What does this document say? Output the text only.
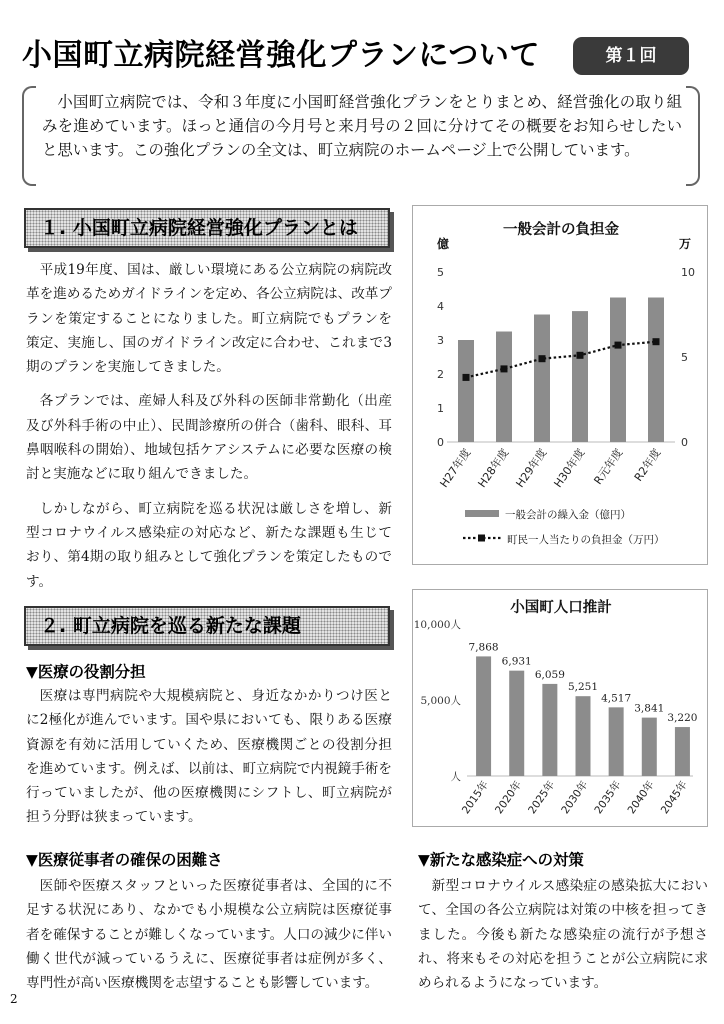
小国町立病院経営強化プランについて	第１回
小国町立病院では、令和３年度に小国町経営強化プランをとりまとめ、経営強化の取り組みを進めています。ほっと通信の今月号と来月号の２回に分けてその概要をお知らせしたいと思います。この強化プランの全文は、町立病院のホームページ上で公開しています。
１. 小国町立病院経営強化プランとは

平成19年度、国は、厳しい環境にある公立病院の病院改革を進めるためガイドラインを定め、各公立病院は、改革プランを策定することになりました。町立病院でもプランを策定、実施し、国のガイドライン改定に合わせ、これまで3期のプランを実施してきました。

各プランでは、産婦人科及び外科の医師非常勤化（出産及び外科手術の中止）、民間診療所の併合（歯科、眼科、耳鼻咽喉科の開始）、地域包括ケアシステムに必要な医療の検討と実施などに取り組んできました。

しかしながら、町立病院を巡る状況は厳しさを増し、新型コロナウイルス感染症の対応など、新たな課題も生じており、第4期の取り組みとして強化プランを策定したものです。

２. 町立病院を巡る新たな課題
▼医療の役割分担

医療は専門病院や大規模病院と、身近なかかりつけ医とに2極化が進んでいます。国や県においても、限りある医療資源を有効に活用していくため、医療機関ごとの役割分担を進めています。例えば、以前は、町立病院で内視鏡手術を行っていましたが、他の医療機関にシフトし、町立病院が担う分野は狭まっています。

▼医療従事者の確保の困難さ

医師や医療スタッフといった医療従事者は、全国的に不足する状況にあり、なかでも小規模な公立病院は医療従事者を確保することが難しくなっています。人口の減少に伴い働く世代が減っているうえに、医療従事者は症例が多く、専門性が高い医療機関を志望することも影響しています。

▼新たな感染症への対策

新型コロナウイルス感染症の感染拡大において、全国の各公立病院は対策の中核を担ってきました。今後も新たな感染症の流行が予想され、将来もその対応を担うことが公立病院に求められるようになっています。

一般会計の負担金
億	万
0
1
2
3
4
5
0
5
10
H27年度 H28年度 H29年度 H30年度 R元年度 R2年度
一般会計の繰入金（億円）
町民一人当たりの負担金（万円）
小国町人口推計
人
5,000人
10,000人
7,868
6,931
6,059
5,251
4,517
3,841
3,220
2015年 2020年 2025年 2030年 2035年 2040年 2045年
2
